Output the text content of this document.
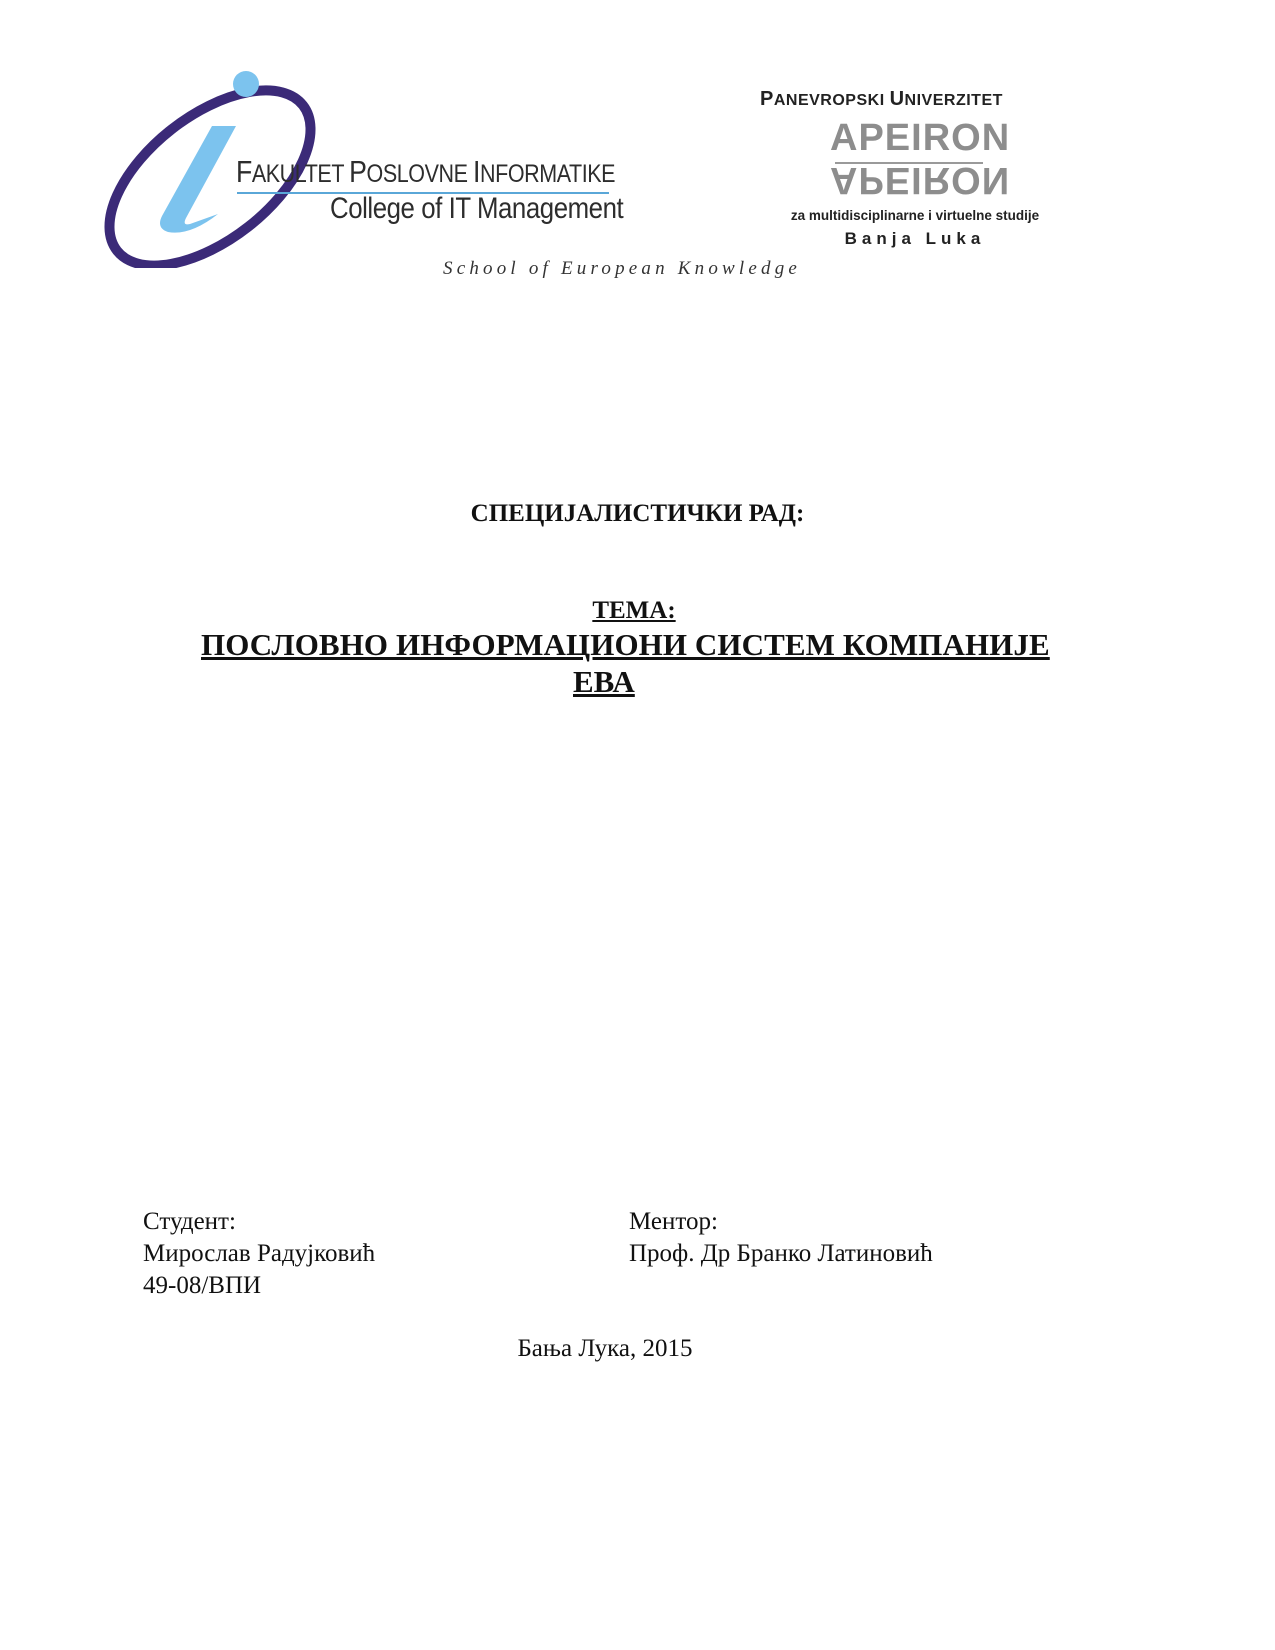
FAKULTET POSLOVNE INFORMATIKE
College of IT Management
PANEVROPSKI UNIVERZITET
APEIRON
APEIRON
za multidisciplinarne i virtuelne studije
Banja Luka
School of European Knowledge
СПЕЦИЈАЛИСТИЧКИ РАД:
ТЕМА:
ПОСЛОВНО ИНФОРМАЦИОНИ СИСТЕМ КОМПАНИЈЕ
ЕВА
Студент:
Мирослав Радујковић
49-08/ВПИ
Ментор:
Проф. Др Бранко Латиновић
Бања Лука, 2015
